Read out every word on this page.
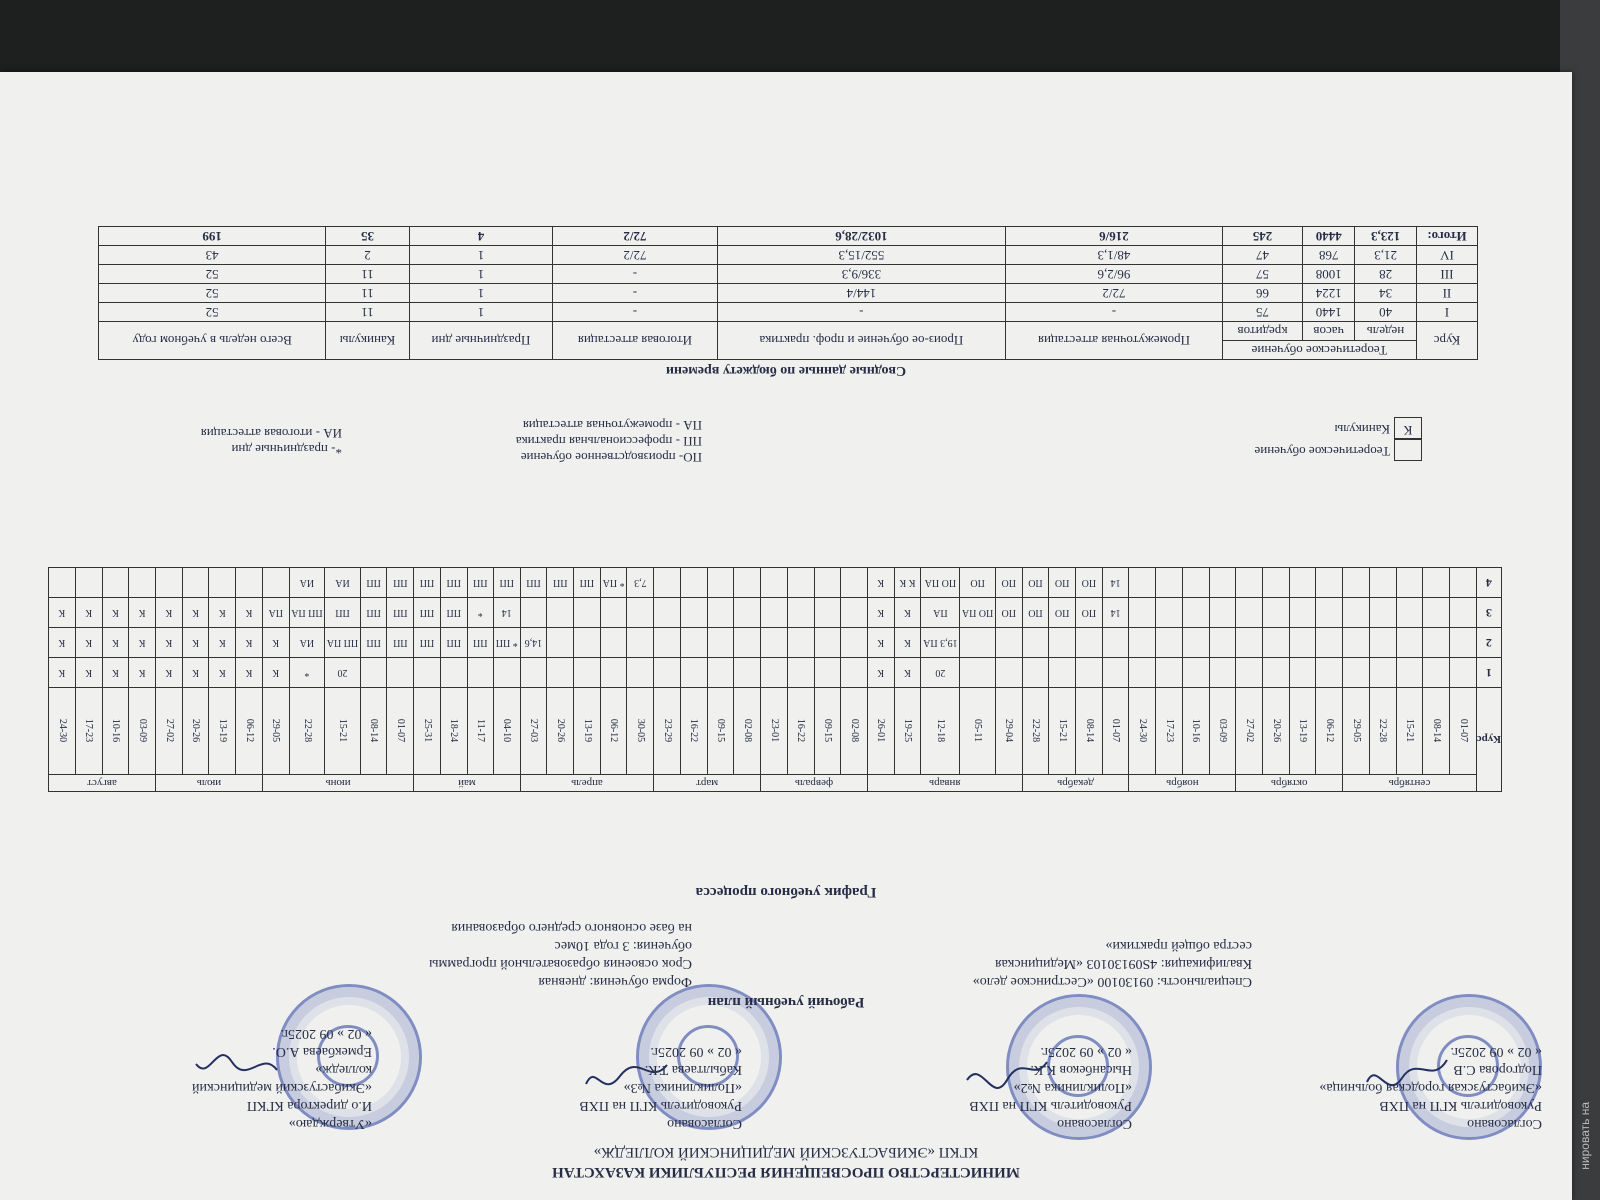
нировать на
МИНИСТЕРСТВО ПРОСВЕЩЕНИЯ РЕСПУБЛИКИ КАЗАХСТАН
КГКП «ЭКИБАСТУЗСКИЙ МЕДИЦИНСКИЙ КОЛЛЕДЖ»
Согласовано
Руководитель КГП на ПХВ
«Экибастузская городская больница»
Подгорова С.В
« 02 » 09 2025г.
Согласовано
Руководитель КГП на ПХВ
«Поликлиника №2»
Нысанбеков К.К.
« 02 » 09 2025г.
Согласовано
Руководитель КГП на ПХВ
«Поликлиника №3»
Кабылтаева Т.К.
« 02 » 09 2025г.
«Утверждаю»
И.о директора КГКП
«Экибастузский медицинский
колледж»
Ермекбаева А.О.
« 02 » 09 2025г.
Рабочий учебный план
Специальность: 09130100 «Сестринское дело»
Квалификация: 4S09130103 «Медицинская
сестра общей практики»
Форма обучения: дневная
Срок освоения образовательной программы
обучения: 3 года 10мес
на базе основного среднего образования
График учебного процесса
Курс	сентябрь					октябрь				ноябрь				декабрь				январь					февраль				март				апрель					май				июнь					июль				август			
	01-07	08-14	15-21	22-28	29-05	06-12	13-19	20-26	27-02	03-09	10-16	17-23	24-30	01-07	08-14	15-21	22-28	29-04	05-11	12-18	19-25	26-01	02-08	09-15	16-22	23-01	02-08	09-15	16-22	23-29	30-05	06-12	13-19	20-26	27-03	04-10	11-17	18-24	25-31	01-07	08-14	15-21	22-28	29-05	06-12	13-19	20-26	27-02	03-09	10-16	17-23	24-30
1																				20	К	К																				20	*	К	К	К	К	К	К	К	К	К
2																				19,3 ПА	К	К													14,6	* ПП	ПП	ПП	ПП	ПП	ПП	ПП ПА	ИА	К	К	К	К	К	К	К	К	К
3														14	ПО	ПО	ПО	ПО	ПО ПА	ПА	К	К														14	*	ПП	ПП	ПП	ПП	ПП	ПП ПА	ПА	К	К	К	К	К	К	К	К
4														14	ПО	ПО	ПО	ПО	ПО	ПО ПА	К К	К									7,3	* ПА	ПП	ПП	ПП	ПП	ПП	ПП	ПП	ПП	ПП	ИА	ИА									
Теоретическое обучение
К
Каникулы
ПО- производственное обучение
ПП - профессиональная практика
ПА - промежуточная аттестация
*- праздничные дни
ИА - итоговая аттестация
Сводные данные по бюджету времени
Курс	Теоретическое обучение			Промежуточная аттестация	Произ-ое обучение и проф. практика	Итоговая аттестация	Праздничные дни	Каникулы	Всего недель в учебном году
	недель	часов	кредитов						
I	40	1440	75	-	-	-	1	11	52
II	34	1224	66	72/2	144/4	-	1	11	52
III	28	1008	57	96/2,6	336/9,3	-	1	11	52
IV	21,3	768	47	48/1,3	552/15,3	72/2	1	2	43
Итого:	123,3	4440	245	216/6	1032/28,6	72/2	4	35	199
